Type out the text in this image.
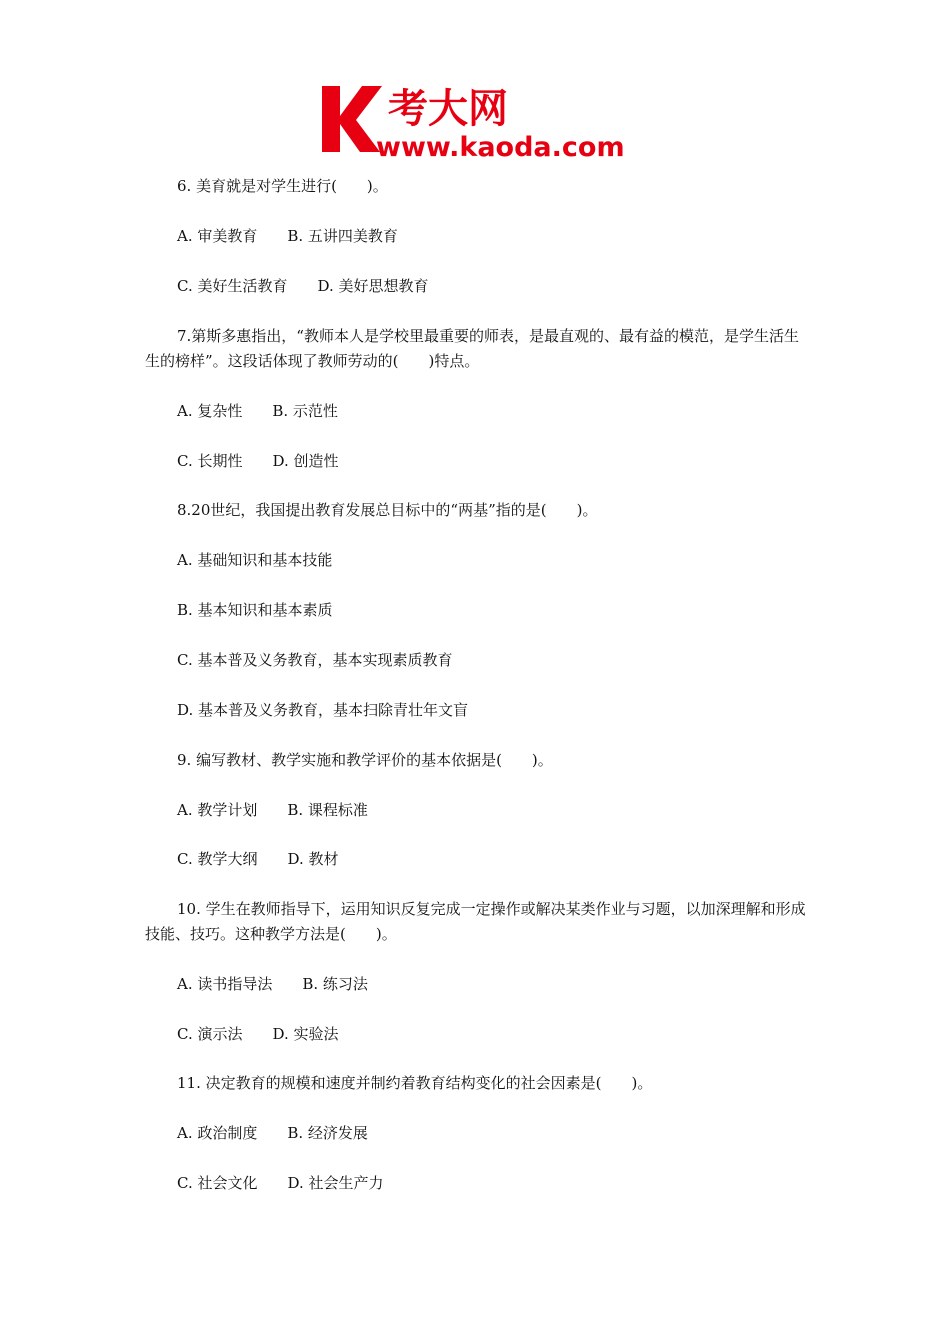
考大网
www.kaoda.com
6. 美育就是对学生进行(　　)。
A. 审美教育 B. 五讲四美教育
C. 美好生活教育 D. 美好思想教育
7.第斯多惠指出，“教师本人是学校里最重要的师表，是最直观的、最有益的模范，是学生活生生的榜样”。这段话体现了教师劳动的(　　)特点。
A. 复杂性 B. 示范性
C. 长期性 D. 创造性
8.20世纪，我国提出教育发展总目标中的“两基”指的是(　　)。
A. 基础知识和基本技能
B. 基本知识和基本素质
C. 基本普及义务教育，基本实现素质教育
D. 基本普及义务教育，基本扫除青壮年文盲
9. 编写教材、教学实施和教学评价的基本依据是(　　)。
A. 教学计划 B. 课程标准
C. 教学大纲 D. 教材
10. 学生在教师指导下，运用知识反复完成一定操作或解决某类作业与习题，以加深理解和形成技能、技巧。这种教学方法是(　　)。
A. 读书指导法 B. 练习法
C. 演示法 D. 实验法
11. 决定教育的规模和速度并制约着教育结构变化的社会因素是(　　)。
A. 政治制度 B. 经济发展
C. 社会文化 D. 社会生产力
